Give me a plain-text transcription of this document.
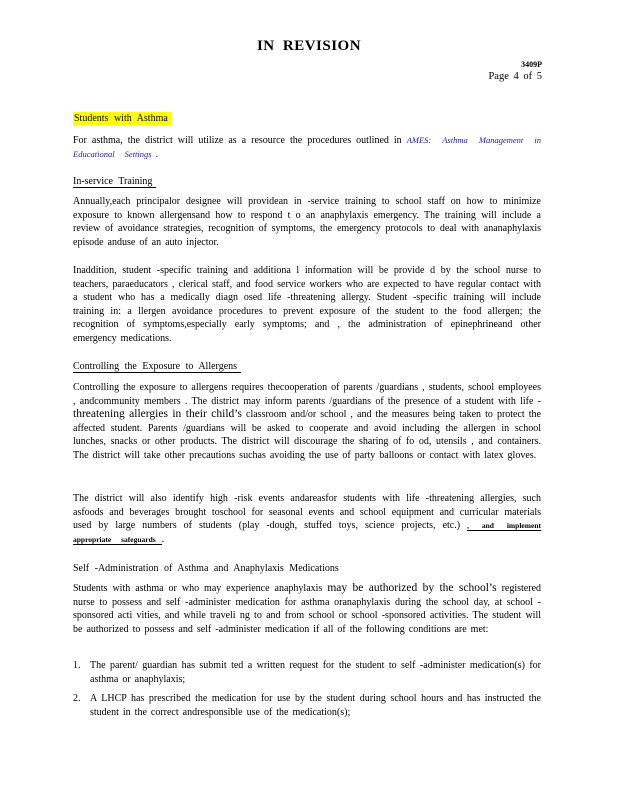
IN REVISION
3409P
Page 4 of 5
Students with Asthma
For asthma, the district will utilize as a resource the procedures outlined in AMES: Asthma Management in Educational Settings .
In-service Training
Annually,each principalor designee will providean in -service training to school staff on how to minimize exposure to known allergensand how to respond t o an anaphylaxis emergency. The training will include a review of avoidance strategies, recognition of symptoms, the emergency protocols to deal with ananaphylaxis episode anduse of an auto injector.
Inaddition, student -specific training and additiona l information will be provide d by the school nurse to teachers, paraeducators , clerical staff, and food service workers who are expected to have regular contact with a student who has a medically diagn osed life -threatening allergy. Student -specific training will include training in: a llergen avoidance procedures to prevent exposure of the student to the food allergen; the recognition of symptoms,especially early symptoms; and , the administration of epinephrineand other emergency medications.
Controlling the Exposure to Allergens
Controlling the exposure to allergens requires thecooperation of parents /guardians , students, school employees , andcommunity members . The district may inform parents /guardians of the presence of a student with life -threatening allergies in their child’s classroom and/or school , and the measures being taken to protect the affected student. Parents /guardians will be asked to cooperate and avoid including the allergen in school lunches, snacks or other products. The district will discourage the sharing of fo od, utensils , and containers. The district will take other precautions suchas avoiding the use of party balloons or contact with latex gloves.
The district will also identify high -risk events andareasfor students with life -threatening allergies, such asfoods and beverages brought toschool for seasonal events and school equipment and curricular materials used by large numbers of students (play -dough, stuffed toys, science projects, etc.) , and implement appropriate safeguards .
Self -Administration of Asthma and Anaphylaxis Medications
Students with asthma or who may experience anaphylaxis may be authorized by the school’s registered nurse to possess and self -administer medication for asthma oranaphylaxis during the school day, at school -sponsored acti vities, and while traveli ng to and from school or school -sponsored activities. The student will be authorized to possess and self -administer medication if all of the following conditions are met:
1. The parent/ guardian has submit ted a written request for the student to self -administer medication(s) for asthma or anaphylaxis;
2. A LHCP has prescribed the medication for use by the student during school hours and has instructed the student in the correct andresponsible use of the medication(s);
